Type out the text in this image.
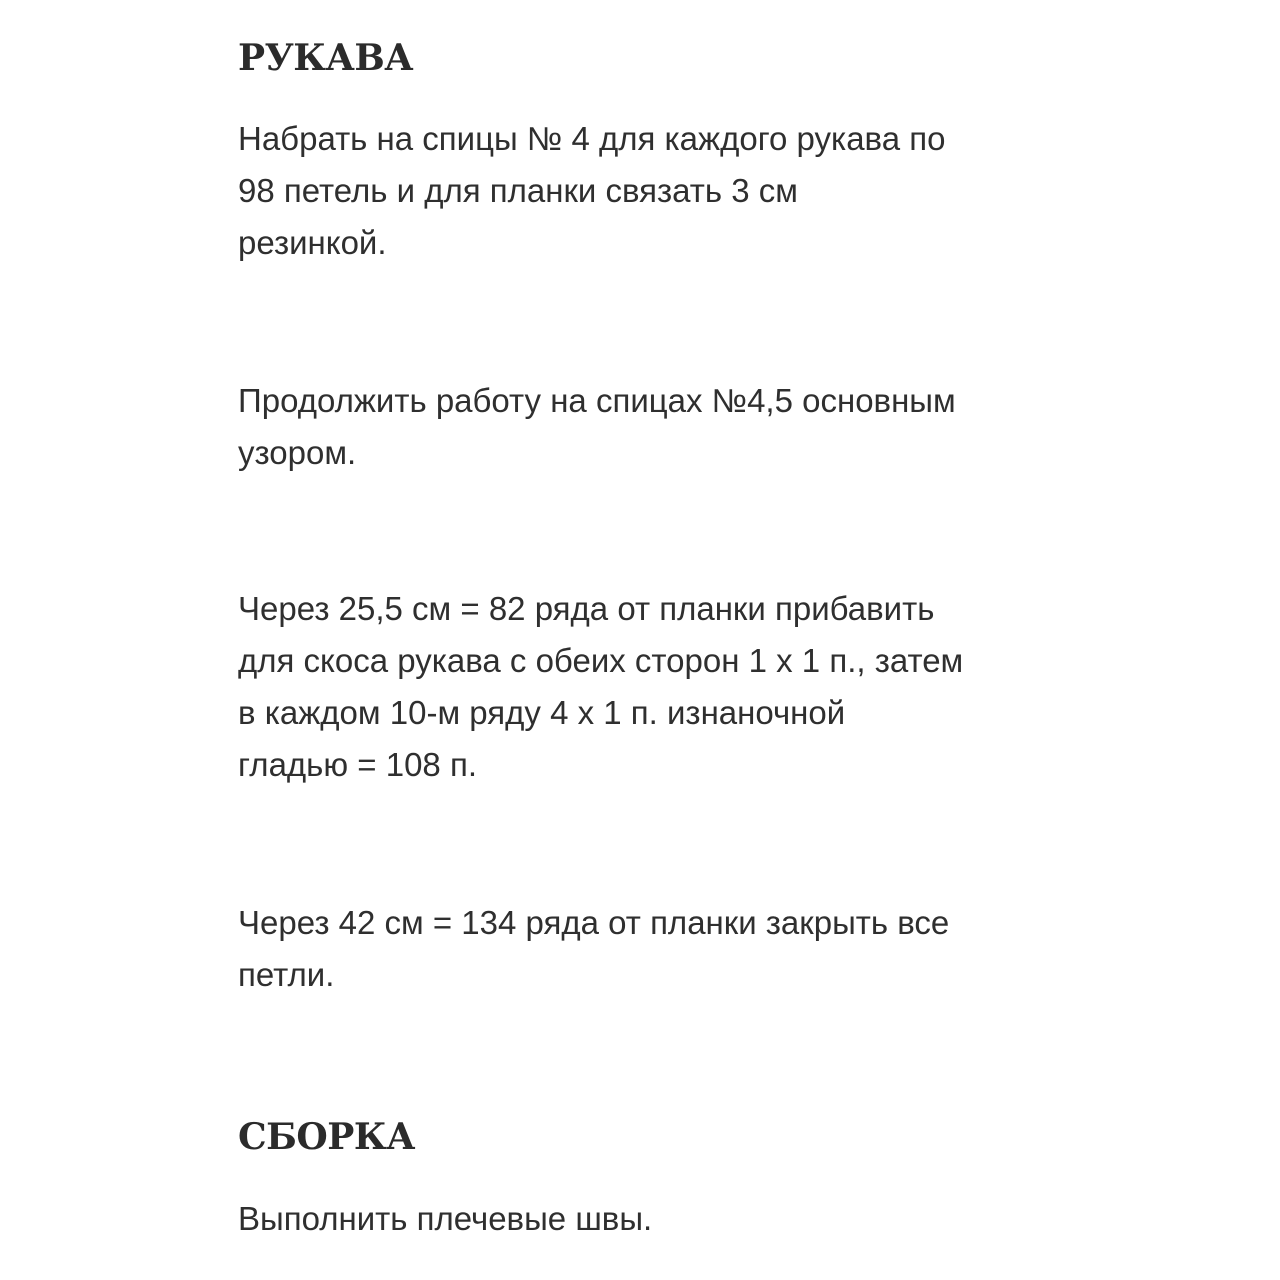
РУКАВА

Набрать на спицы № 4 для каждого рукава по
98 петель и для планки связать 3 см
резинкой.

Продолжить работу на спицах №4,5 основным
узором.

Через 25,5 см = 82 ряда от планки прибавить
для скоса рукава с обеих сторон 1 х 1 п., затем
в каждом 10-м ряду 4 х 1 п. изнаночной
гладью = 108 п.

Через 42 см = 134 ряда от планки закрыть все
петли.

СБОРКА

Выполнить плечевые швы.
